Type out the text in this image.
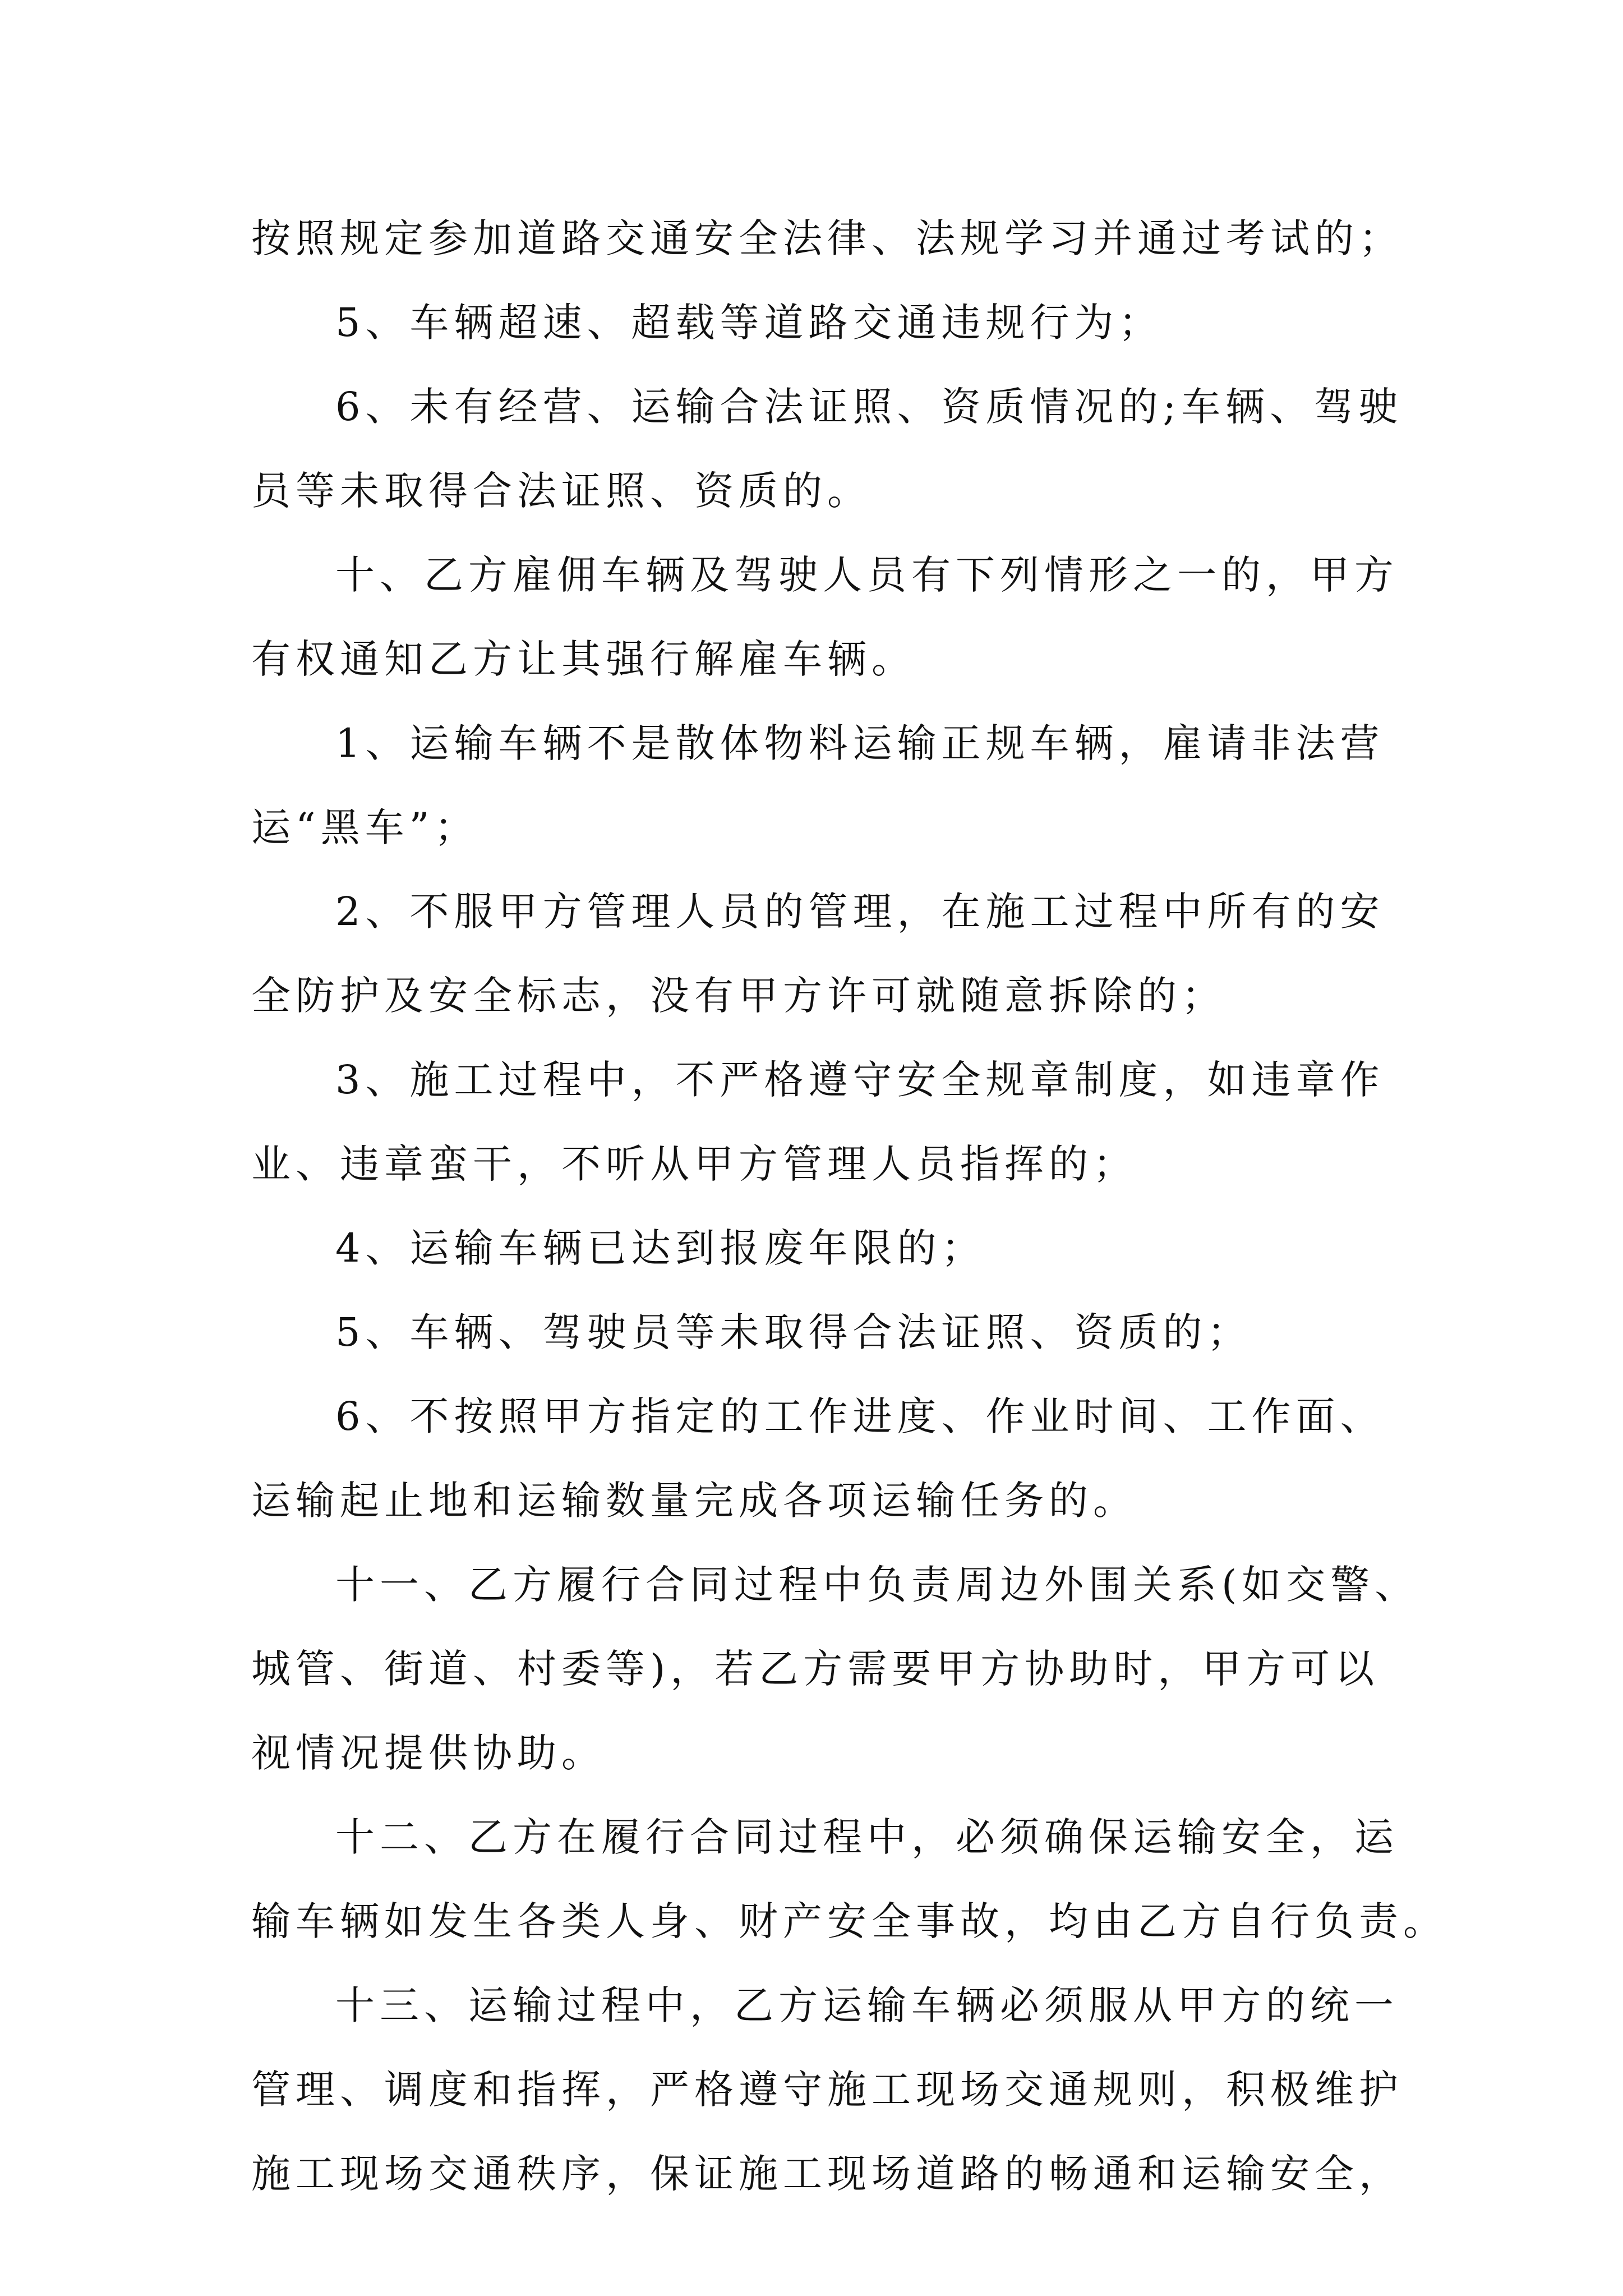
按照规定参加道路交通安全法律、法规学习并通过考试的；
5、车辆超速、超载等道路交通违规行为；
6、未有经营、运输合法证照、资质情况的;车辆、驾驶
员等未取得合法证照、资质的。
十、乙方雇佣车辆及驾驶人员有下列情形之一的，甲方
有权通知乙方让其强行解雇车辆。
1、运输车辆不是散体物料运输正规车辆，雇请非法营
运“黑车”；
2、不服甲方管理人员的管理，在施工过程中所有的安
全防护及安全标志，没有甲方许可就随意拆除的；
3、施工过程中，不严格遵守安全规章制度，如违章作
业、违章蛮干，不听从甲方管理人员指挥的；
4、运输车辆已达到报废年限的；
5、车辆、驾驶员等未取得合法证照、资质的；
6、不按照甲方指定的工作进度、作业时间、工作面、
运输起止地和运输数量完成各项运输任务的。
十一、乙方履行合同过程中负责周边外围关系(如交警、
城管、街道、村委等)，若乙方需要甲方协助时，甲方可以
视情况提供协助。
十二、乙方在履行合同过程中，必须确保运输安全，运
输车辆如发生各类人身、财产安全事故，均由乙方自行负责。
十三、运输过程中，乙方运输车辆必须服从甲方的统一
管理、调度和指挥，严格遵守施工现场交通规则，积极维护
施工现场交通秩序，保证施工现场道路的畅通和运输安全，
